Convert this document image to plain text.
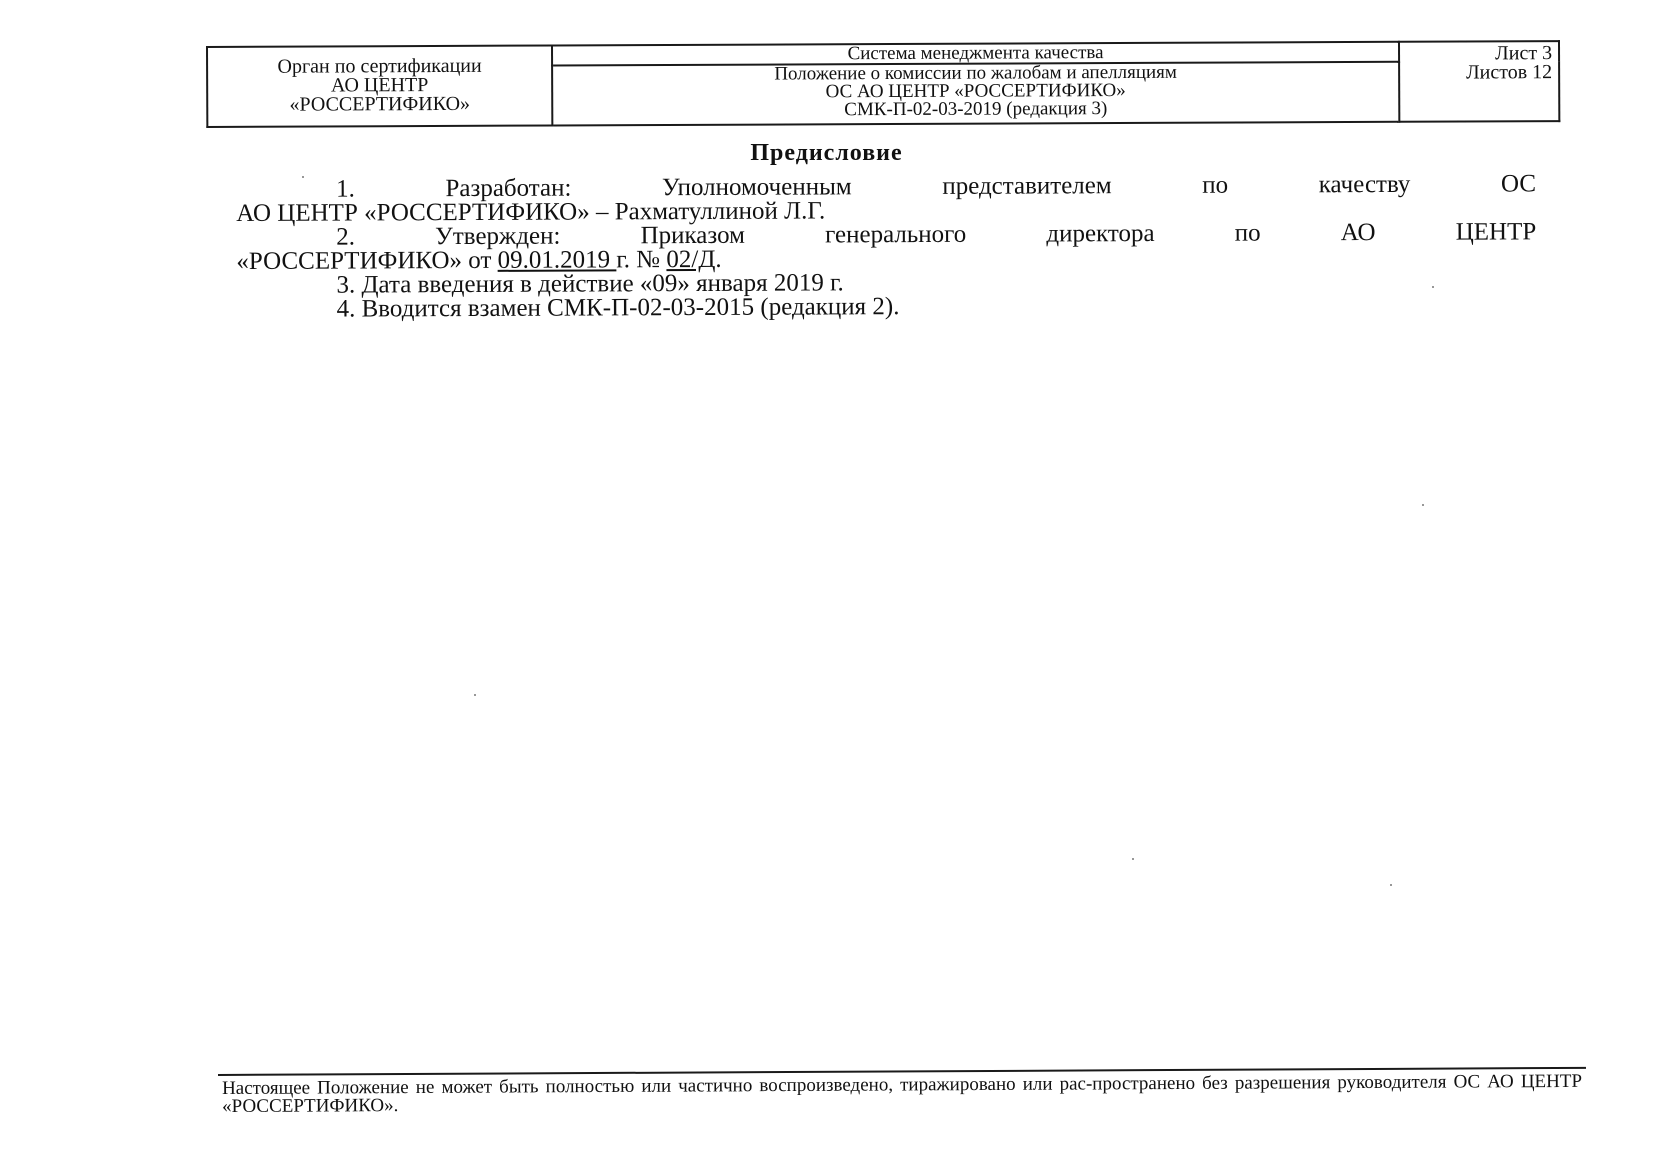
Орган по сертификации
АО ЦЕНТР
«РОССЕРТИФИКО»
	Система менеджмента качества	Лист 3
Листов 12

Положение о комиссии по жалобам и апелляциям
ОС АО ЦЕНТР «РОССЕРТИФИКО»
СМК-П-02-03-2019 (редакция 3)
Предисловие

1. Разработан: Уполномоченным представителем по качеству ОС

АО ЦЕНТР «РОССЕРТИФИКО» – Рахматуллиной Л.Г.

2. Утвержден: Приказом генерального директора по АО ЦЕНТР

«РОССЕРТИФИКО» от 09.01.2019 г. № 02/Д.

3. Дата введения в действие «09» января 2019 г.

4. Вводится взамен СМК-П-02-03-2015 (редакция 2).

Настоящее Положение не может быть полностью или частично воспроизведено, тиражировано или рас-пространено без разрешения руководителя ОС АО ЦЕНТР «РОССЕРТИФИКО».
